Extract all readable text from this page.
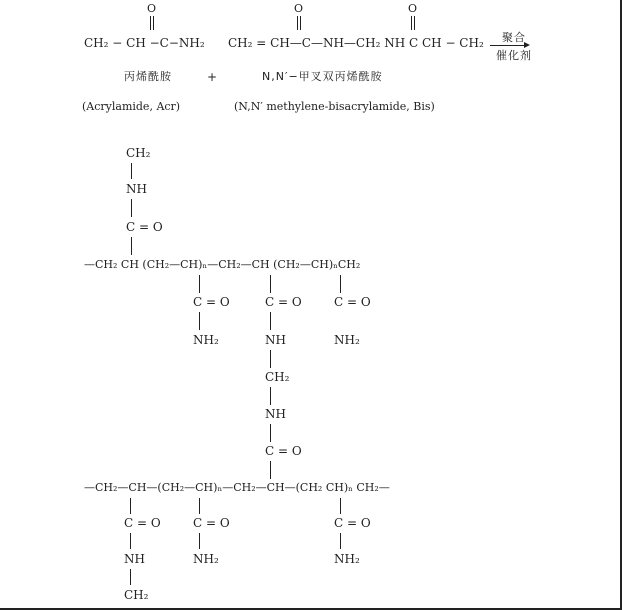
O
CH₂ − CH −C−NH₂
O	O
CH₂ = CH—C—NH—CH₂ NH C CH − CH₂ 聚合
催化剂
丙烯酰胺	+	N,N′−甲叉双丙烯酰胺
(Acrylamide, Acr)	(N,N′ methylene-bisacrylamide, Bis)
CH₂
NH
C = O
—CH₂ CH (CH₂—CH)ₙ—CH₂—CH (CH₂—CH)ₙCH₂
C = O	C = O	C = O
NH₂	NH	NH₂
CH₂
NH
C = O
—CH₂—CH—(CH₂—CH)ₙ—CH₂—CH—(CH₂ CH)ₙ CH₂—
C = O	C = O	C = O
NH	NH₂	NH₂
CH₂
